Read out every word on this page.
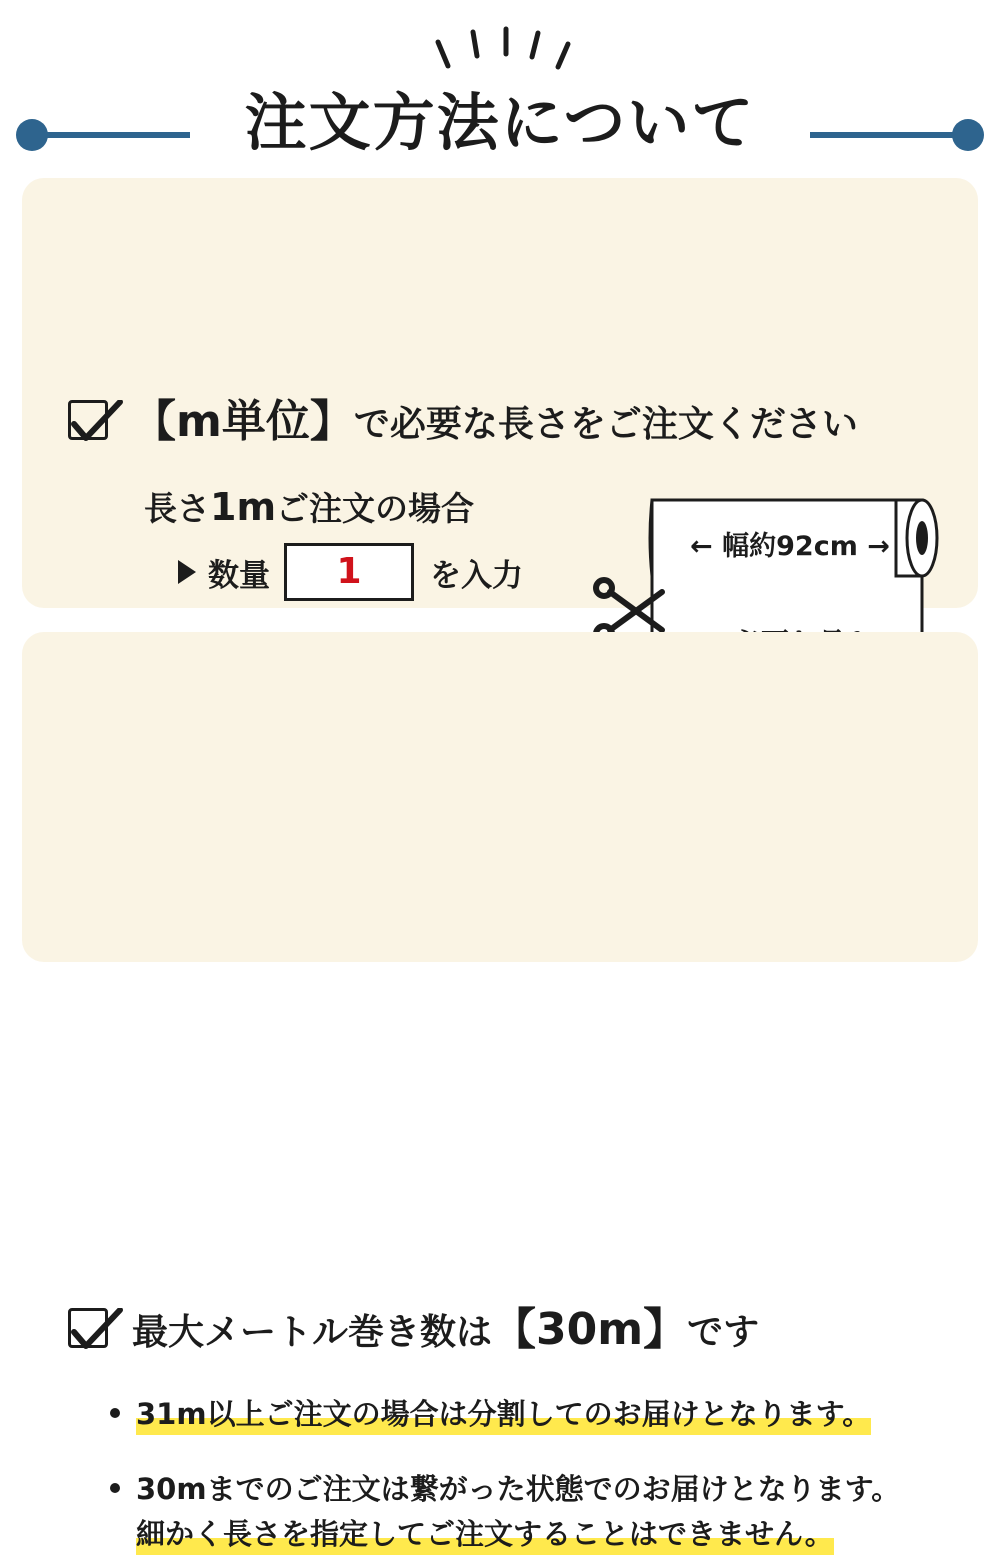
注文方法について
【m単位】で必要な長さをご注文ください
長さ1mご注文の場合
数量 1 を入力
← 幅約92cm →
最大メートル巻き数は【30m】です
31m以上ご注文の場合は分割してのお届けとなります。
30mまでのご注文は繋がった状態でのお届けとなります。
細かく長さを指定してご注文することはできません。
